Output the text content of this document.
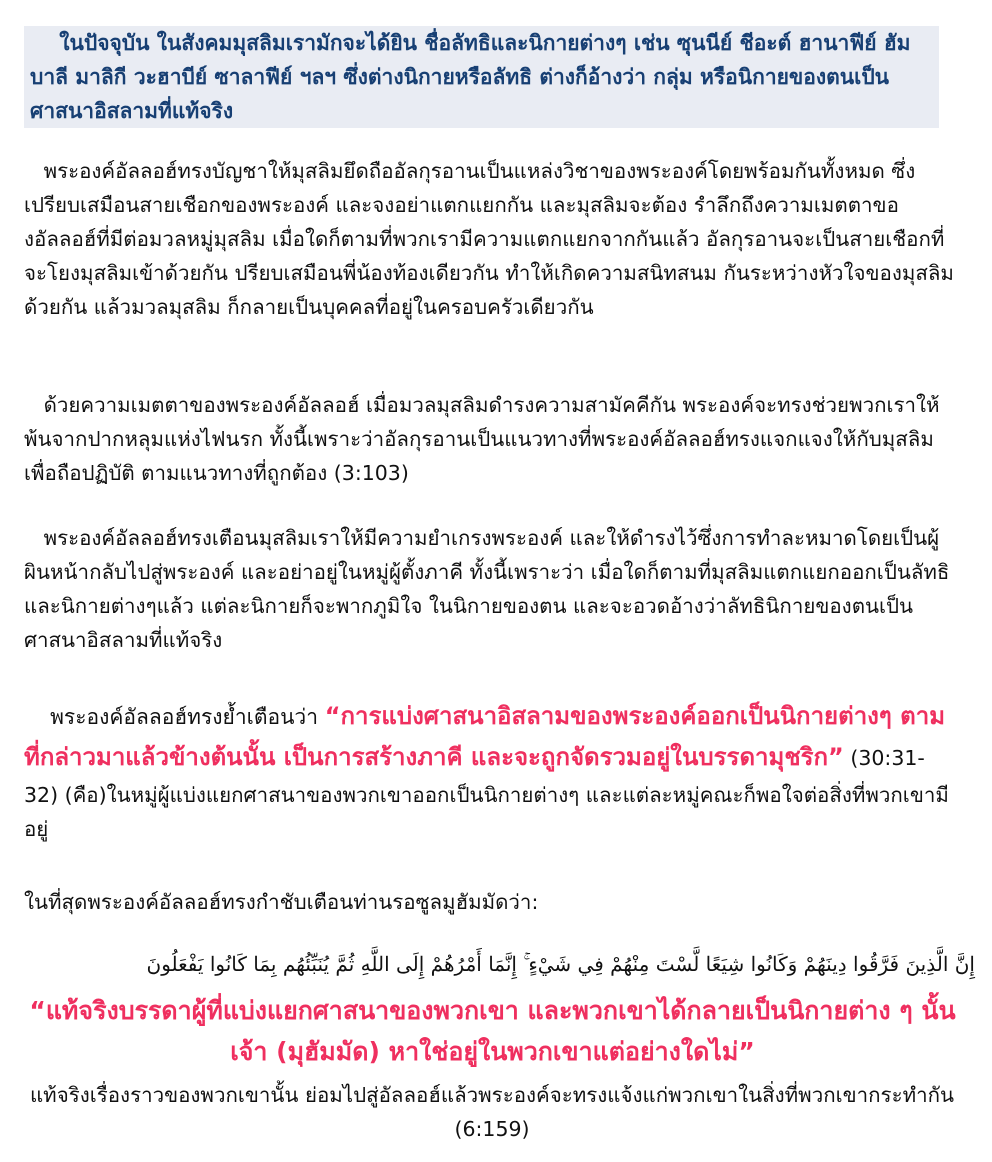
ในปัจจุบัน ในสังคมมุสลิมเรามักจะได้ยิน ชื่อลัทธิและนิกายต่างๆ เช่น ซุนนีย์ ชีอะต์ ฮานาฟีย์ ฮัมบาลี มาลิกี วะฮาบีย์ ซาลาฟีย์ ฯลฯ ซึ่งต่างนิกายหรือลัทธิ ต่างก็อ้างว่า กลุ่ม หรือนิกายของตนเป็นศาสนาอิสลามที่แท้จริง
พระองค์อัลลอฮ์ทรงบัญชาให้มุสลิมยึดถืออัลกุรอานเป็นแหล่งวิชาของพระองค์โดยพร้อมกันทั้งหมด ซึ่งเปรียบเสมือนสายเชือกของพระองค์ และจงอย่าแตกแยกกัน และมุสลิมจะต้อง รำลึกถึงความเมตตาของอัลลอฮ์ที่มีต่อมวลหมู่มุสลิม เมื่อใดก็ตามที่พวกเรามีความแตกแยกจากกันแล้ว อัลกุรอานจะเป็นสายเชือกที่จะโยงมุสลิมเข้าด้วยกัน ปรียบเสมือนพี่น้องท้องเดียวกัน ทำให้เกิดความสนิทสนม กันระหว่างหัวใจของมุสลิมด้วยกัน แล้วมวลมุสลิม ก็กลายเป็นบุคคลที่อยู่ในครอบครัวเดียวกัน
ด้วยความเมตตาของพระองค์อัลลอฮ์ เมื่อมวลมุสลิมดำรงความสามัคคีกัน พระองค์จะทรงช่วยพวกเราให้พ้นจากปากหลุมแห่งไฟนรก ทั้งนี้เพราะว่าอัลกุรอานเป็นแนวทางที่พระองค์อัลลอฮ์ทรงแจกแจงให้กับมุสลิม เพื่อถือปฏิบัติ ตามแนวทางที่ถูกต้อง (3:103)
พระองค์อัลลอฮ์ทรงเตือนมุสลิมเราให้มีความยำเกรงพระองค์ และให้ดำรงไว้ซึ่งการทำละหมาดโดยเป็นผู้ผินหน้ากลับไปสู่พระองค์ และอย่าอยู่ในหมู่ผู้ตั้งภาคี ทั้งนี้เพราะว่า เมื่อใดก็ตามที่มุสลิมแตกแยกออกเป็นลัทธิและนิกายต่างๆแล้ว แต่ละนิกายก็จะพากภูมิใจ ในนิกายของตน และจะอวดอ้างว่าลัทธินิกายของตนเป็นศาสนาอิสลามที่แท้จริง
พระองค์อัลลอฮ์ทรงย้ำเตือนว่า “การแบ่งศาสนาอิสลามของพระองค์ออกเป็นนิกายต่างๆ ตามที่กล่าวมาแล้วข้างต้นนั้น เป็นการสร้างภาคี และจะถูกจัดรวมอยู่ในบรรดามุชริก” (30:31-32) (คือ)ในหมู่ผู้แบ่งแยกศาสนาของพวกเขาออกเป็นนิกายต่างๆ และแต่ละหมู่คณะก็พอใจต่อสิ่งที่พวกเขามีอยู่
ในที่สุดพระองค์อัลลอฮ์ทรงกำชับเตือนท่านรอซูลมูฮัมมัดว่า:
إِنَّ الَّذِينَ فَرَّقُوا دِينَهُمْ وَكَانُوا شِيَعًا لَّسْتَ مِنْهُمْ فِي شَيْءٍ ۚ إِنَّمَا أَمْرُهُمْ إِلَى اللَّهِ ثُمَّ يُنَبِّئُهُم بِمَا كَانُوا يَفْعَلُونَ
“แท้จริงบรรดาผู้ที่แบ่งแยกศาสนาของพวกเขา และพวกเขาได้กลายเป็นนิกายต่าง ๆ นั้นเจ้า (มุฮัมมัด) หาใช่อยู่ในพวกเขาแต่อย่างใดไม่”
แท้จริงเรื่องราวของพวกเขานั้น ย่อมไปสู่อัลลอฮ์แล้วพระองค์จะทรงแจ้งแก่พวกเขาในสิ่งที่พวกเขากระทำกัน (6:159)
